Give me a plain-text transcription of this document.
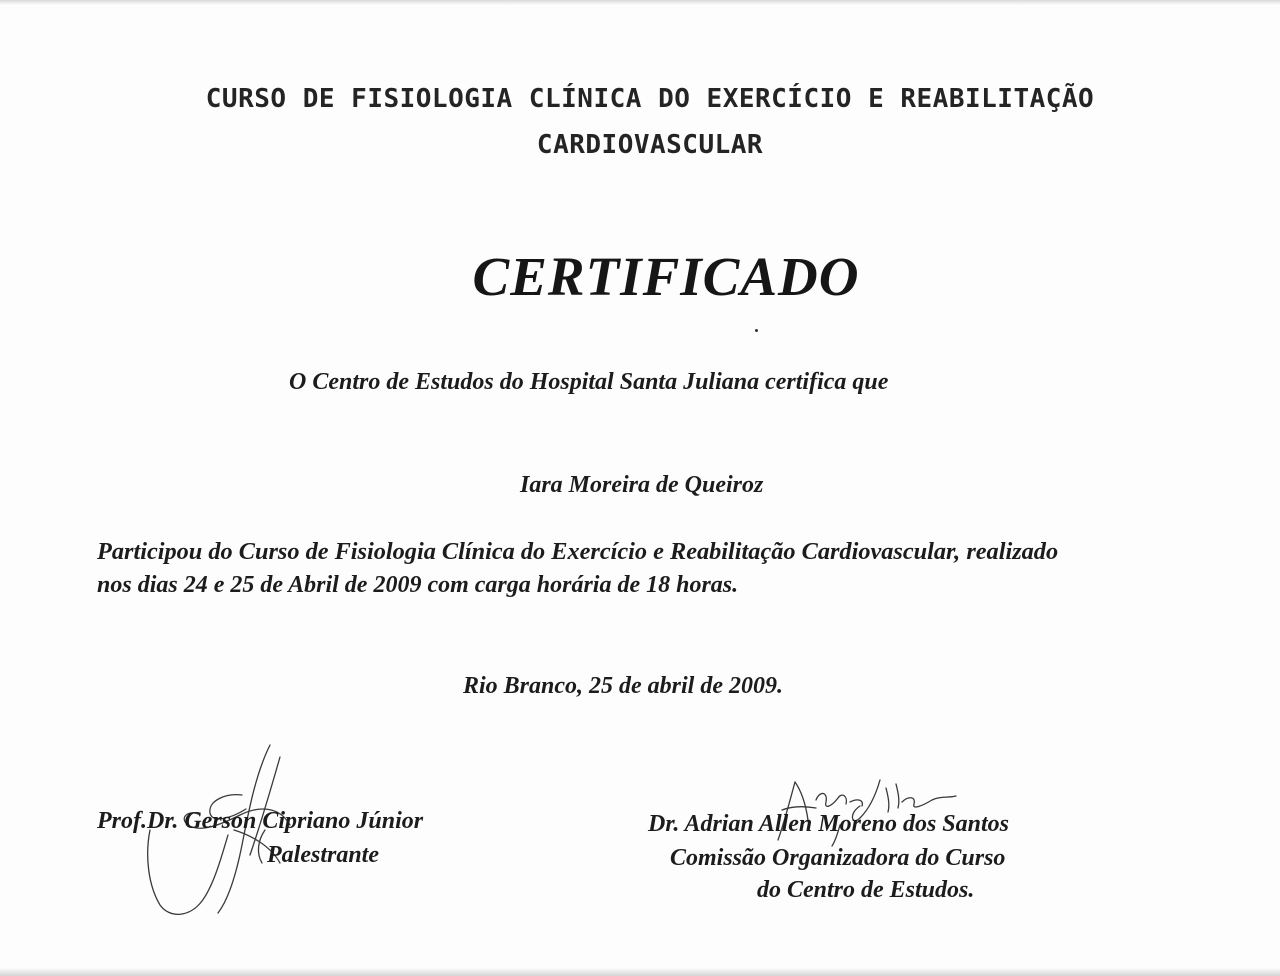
CURSO DE FISIOLOGIA CLÍNICA DO EXERCÍCIO E REABILITAÇÃO
CARDIOVASCULAR
CERTIFICADO
O Centro de Estudos do Hospital Santa Juliana certifica que
Iara Moreira de Queiroz
Participou do Curso de Fisiologia Clínica do Exercício e Reabilitação Cardiovascular, realizado
nos dias 24 e 25 de Abril de 2009 com carga horária de 18 horas.
Rio Branco, 25 de abril de 2009.
Prof.Dr. Gerson Cipriano Júnior
Palestrante
Dr. Adrian Allen Moreno dos Santos
Comissão Organizadora do Curso
do Centro de Estudos.
